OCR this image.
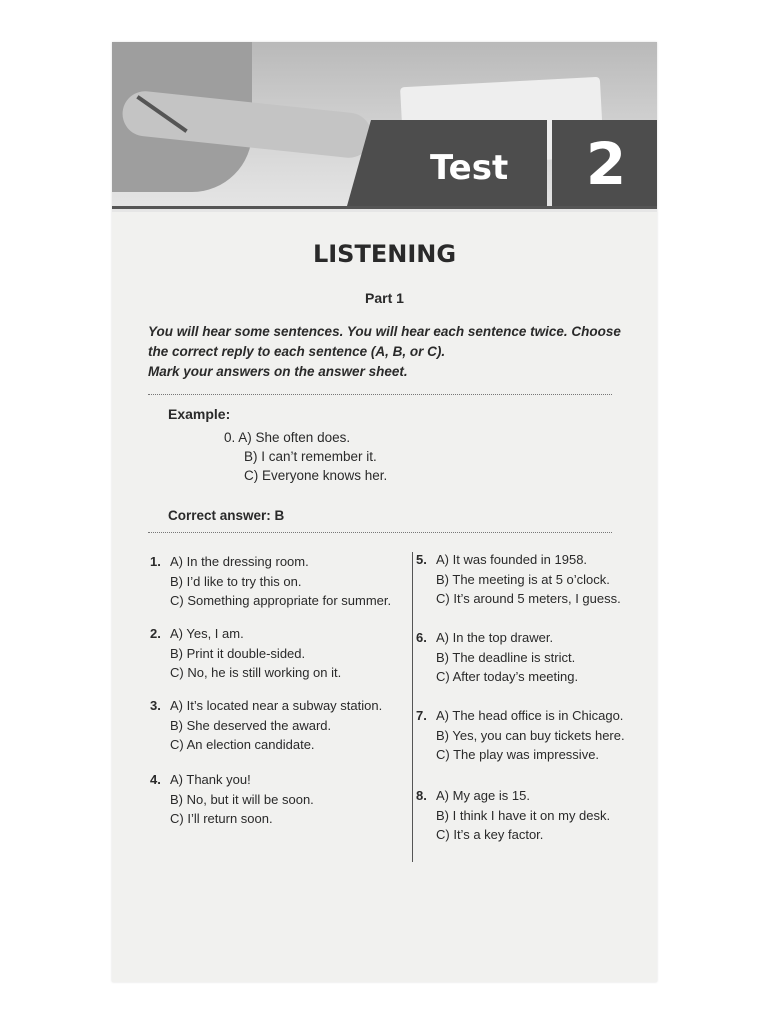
Test	2
LISTENING
Part 1
You will hear some sentences. You will hear each sentence twice. Choose
the correct reply to each sentence (A, B, or C).
Mark your answers on the answer sheet.
Example:
0. A) She often does.
B) I can’t remember it.
C) Everyone knows her.
Correct answer: B
1. A) In the dressing room.
B) I’d like to try this on.
C) Something appropriate for summer.
2. A) Yes, I am.
B) Print it double-sided.
C) No, he is still working on it.
3. A) It’s located near a subway station.
B) She deserved the award.
C) An election candidate.
4. A) Thank you!
B) No, but it will be soon.
C) I’ll return soon.
5. A) It was founded in 1958.
B) The meeting is at 5 o’clock.
C) It’s around 5 meters, I guess.
6. A) In the top drawer.
B) The deadline is strict.
C) After today’s meeting.
7. A) The head office is in Chicago.
B) Yes, you can buy tickets here.
C) The play was impressive.
8. A) My age is 15.
B) I think I have it on my desk.
C) It’s a key factor.
